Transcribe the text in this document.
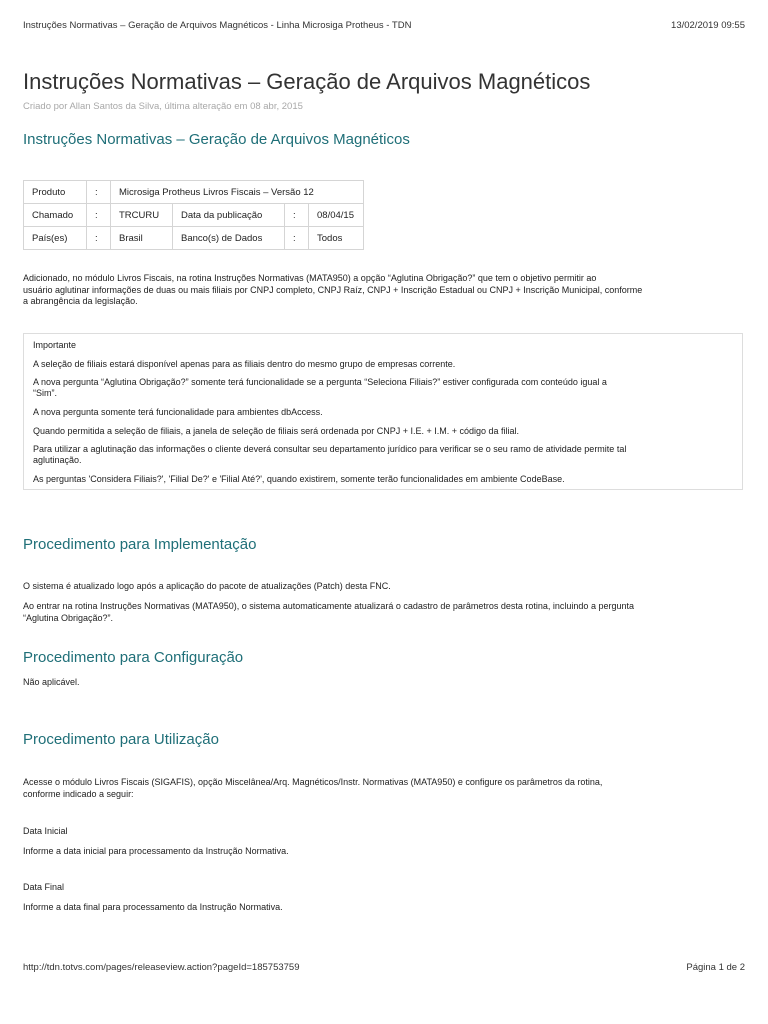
Instruções Normativas – Geração de Arquivos Magnéticos - Linha Microsiga Protheus - TDN	13/02/2019 09:55
Instruções Normativas – Geração de Arquivos Magnéticos
Criado por Allan Santos da Silva, última alteração em 08 abr, 2015
Instruções Normativas – Geração de Arquivos Magnéticos
Produto	:	Microsiga Protheus Livros Fiscais – Versão 12			
Chamado	:	TRCURU	Data da publicação	:	08/04/15
País(es)	:	Brasil	Banco(s) de Dados	:	Todos

Adicionado, no módulo Livros Fiscais, na rotina Instruções Normativas (MATA950) a opção “Aglutina Obrigação?” que tem o objetivo permitir ao
usuário aglutinar informações de duas ou mais filiais por CNPJ completo, CNPJ Raíz, CNPJ + Inscrição Estadual ou CNPJ + Inscrição Municipal, conforme
a abrangência da legislação.

Importante

A seleção de filiais estará disponível apenas para as filiais dentro do mesmo grupo de empresas corrente.

A nova pergunta “Aglutina Obrigação?” somente terá funcionalidade se a pergunta “Seleciona Filiais?” estiver configurada com conteúdo igual a
“Sim”.

A nova pergunta somente terá funcionalidade para ambientes dbAccess.

Quando permitida a seleção de filiais, a janela de seleção de filiais será ordenada por CNPJ + I.E. + I.M. + código da filial.

Para utilizar a aglutinação das informações o cliente deverá consultar seu departamento jurídico para verificar se o seu ramo de atividade permite tal
aglutinação.

As perguntas 'Considera Filiais?', 'Filial De?' e 'Filial Até?', quando existirem, somente terão funcionalidades em ambiente CodeBase.

Procedimento para Implementação

O sistema é atualizado logo após a aplicação do pacote de atualizações (Patch) desta FNC.

Ao entrar na rotina Instruções Normativas (MATA950), o sistema automaticamente atualizará o cadastro de parâmetros desta rotina, incluindo a pergunta
“Aglutina Obrigação?”.

Procedimento para Configuração

Não aplicável.

Procedimento para Utilização

Acesse o módulo Livros Fiscais (SIGAFIS), opção Miscelânea/Arq. Magnéticos/Instr. Normativas (MATA950) e configure os parâmetros da rotina,
conforme indicado a seguir:

Data Inicial

Informe a data inicial para processamento da Instrução Normativa.

Data Final

Informe a data final para processamento da Instrução Normativa.

http://tdn.totvs.com/pages/releaseview.action?pageId=185753759	Página 1 de 2
